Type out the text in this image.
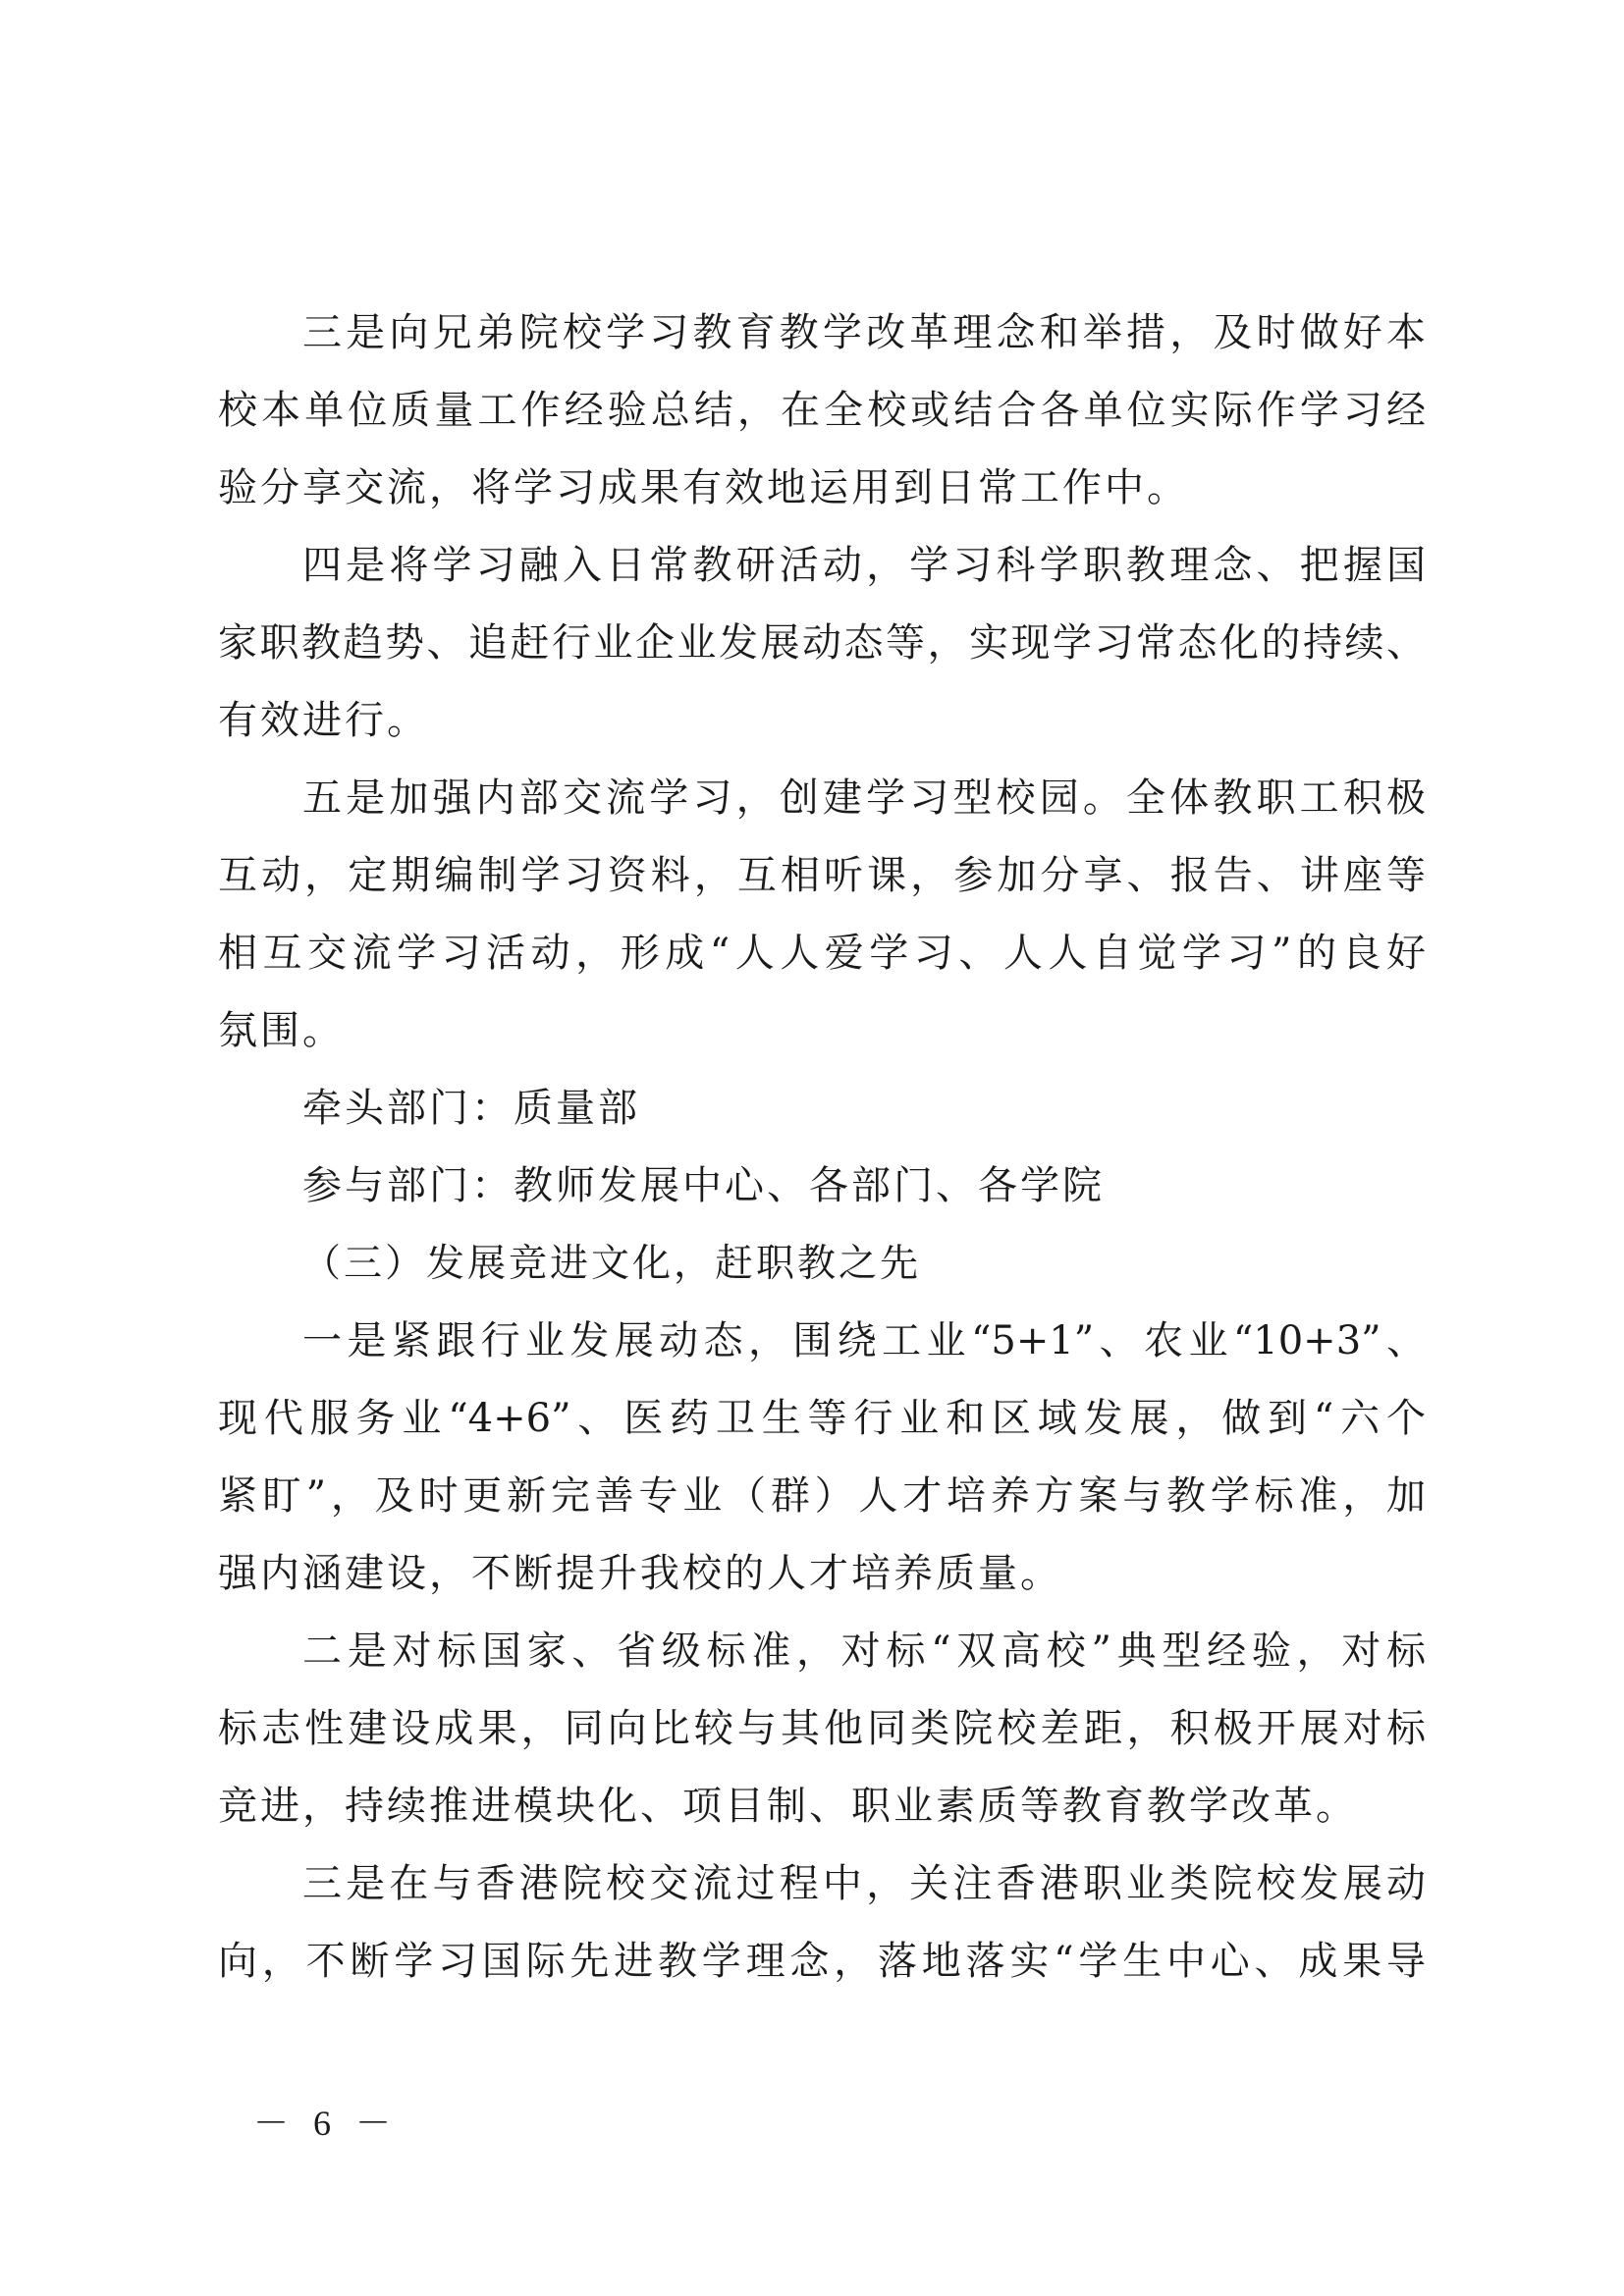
三是向兄弟院校学习教育教学改革理念和举措，及时做好本
校本单位质量工作经验总结，在全校或结合各单位实际作学习经
验分享交流，将学习成果有效地运用到日常工作中。
四是将学习融入日常教研活动，学习科学职教理念、把握国
家职教趋势、追赶行业企业发展动态等，实现学习常态化的持续、
有效进行。
五是加强内部交流学习，创建学习型校园。全体教职工积极
互动，定期编制学习资料，互相听课，参加分享、报告、讲座等
相互交流学习活动，形成“人人爱学习、人人自觉学习”的良好
氛围。
牵头部门：质量部
参与部门：教师发展中心、各部门、各学院
（三）发展竞进文化，赶职教之先
一是紧跟行业发展动态，围绕工业“5+1”、农业“10+3”、
现代服务业“4+6”、医药卫生等行业和区域发展，做到“六个
紧盯”，及时更新完善专业（群）人才培养方案与教学标准，加
强内涵建设，不断提升我校的人才培养质量。
二是对标国家、省级标准，对标“双高校”典型经验，对标
标志性建设成果，同向比较与其他同类院校差距，积极开展对标
竞进，持续推进模块化、项目制、职业素质等教育教学改革。
三是在与香港院校交流过程中，关注香港职业类院校发展动
向，不断学习国际先进教学理念，落地落实“学生中心、成果导
－ 6 －
